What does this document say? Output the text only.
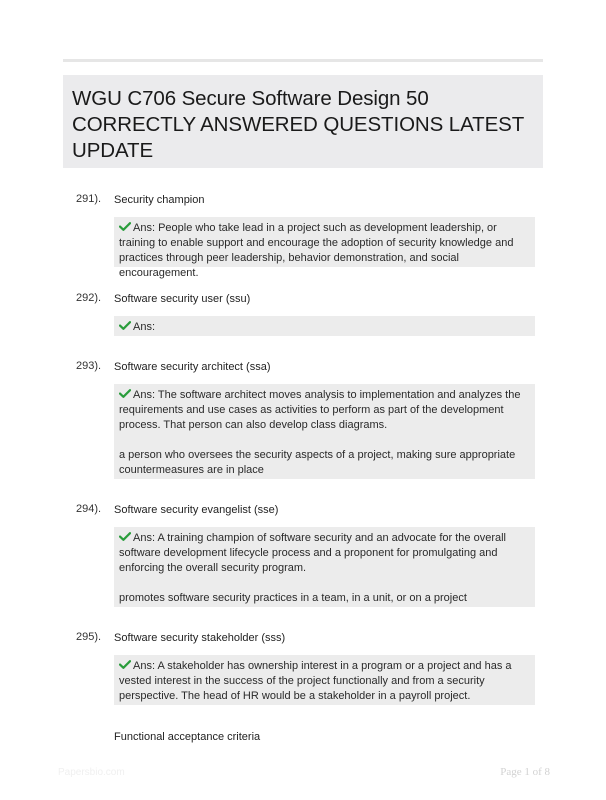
WGU C706 Secure Software Design 50
CORRECTLY ANSWERED QUESTIONS LATEST
UPDATE
291). Security champion

Ans: People who take lead in a project such as development leadership, or training to enable support and encourage the adoption of security knowledge and practices through peer leadership, behavior demonstration, and social encouragement.

292). Software security user (ssu)

Ans:

293). Software security architect (ssa)

Ans: The software architect moves analysis to implementation and analyzes the requirements and use cases as activities to perform as part of the development process. That person can also develop class diagrams.

a person who oversees the security aspects of a project, making sure appropriate countermeasures are in place

294). Software security evangelist (sse)

Ans: A training champion of software security and an advocate for the overall software development lifecycle process and a proponent for promulgating and enforcing the overall security program.

promotes software security practices in a team, in a unit, or on a project

295). Software security stakeholder (sss)

Ans: A stakeholder has ownership interest in a program or a project and has a vested interest in the success of the project functionally and from a security perspective. The head of HR would be a stakeholder in a payroll project.

Functional acceptance criteria
Papersbio.com	Page 1 of 8
